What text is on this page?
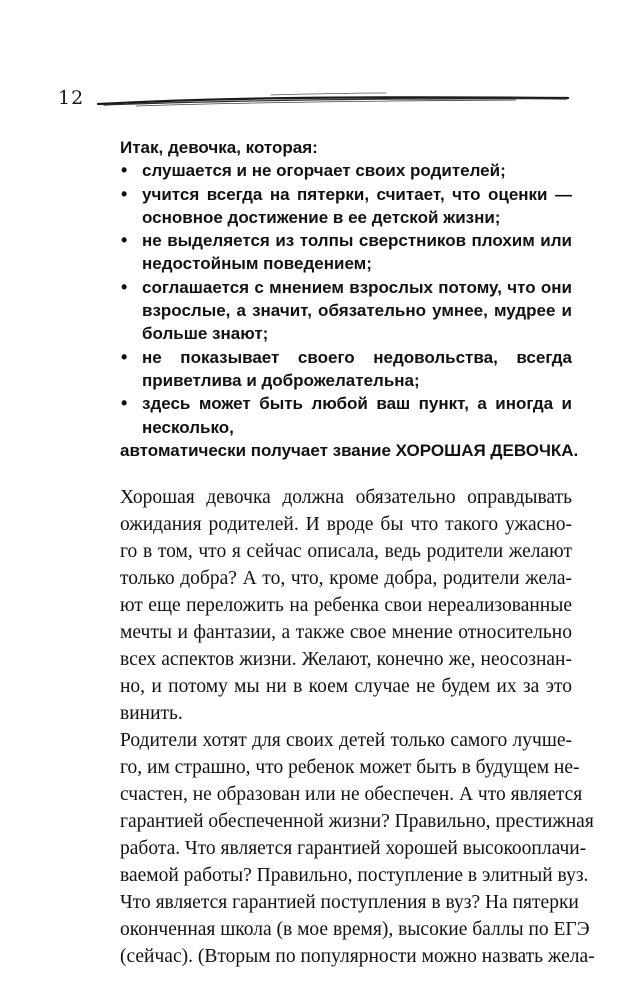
12

Итак, девочка, которая:

• слушается и не огорчает своих родителей;
• учится всегда на пятерки, считает, что оценки — основное достижение в ее детской жизни;
• не выделяется из толпы сверстников плохим или недостойным поведением;
• соглашается с мнением взрослых потому, что они взрослые, а значит, обязательно умнее, мудрее и больше знают;
• не показывает своего недовольства, всегда приветлива и доброжелательна;
• здесь может быть любой ваш пункт, а иногда и несколько,

автоматически получает звание ХОРОШАЯ ДЕВОЧКА.

Хорошая девочка должна обязательно оправдывать
ожидания родителей. И вроде бы что такого ужасно-
го в том, что я сейчас описала, ведь родители желают
только добра? А то, что, кроме добра, родители жела-
ют еще переложить на ребенка свои нереализованные
мечты и фантазии, а также свое мнение относительно
всех аспектов жизни. Желают, конечно же, неосознан-
но, и потому мы ни в коем случае не будем их за это
винить.

Родители хотят для своих детей только самого лучше-
го, им страшно, что ребенок может быть в будущем не-
счастен, не образован или не обеспечен. А что является
гарантией обеспеченной жизни? Правильно, престижная
работа. Что является гарантией хорошей высокооплачи-
ваемой работы? Правильно, поступление в элитный вуз.
Что является гарантией поступления в вуз? На пятерки
оконченная школа (в мое время), высокие баллы по ЕГЭ
(сейчас). (Вторым по популярности можно назвать жела-
